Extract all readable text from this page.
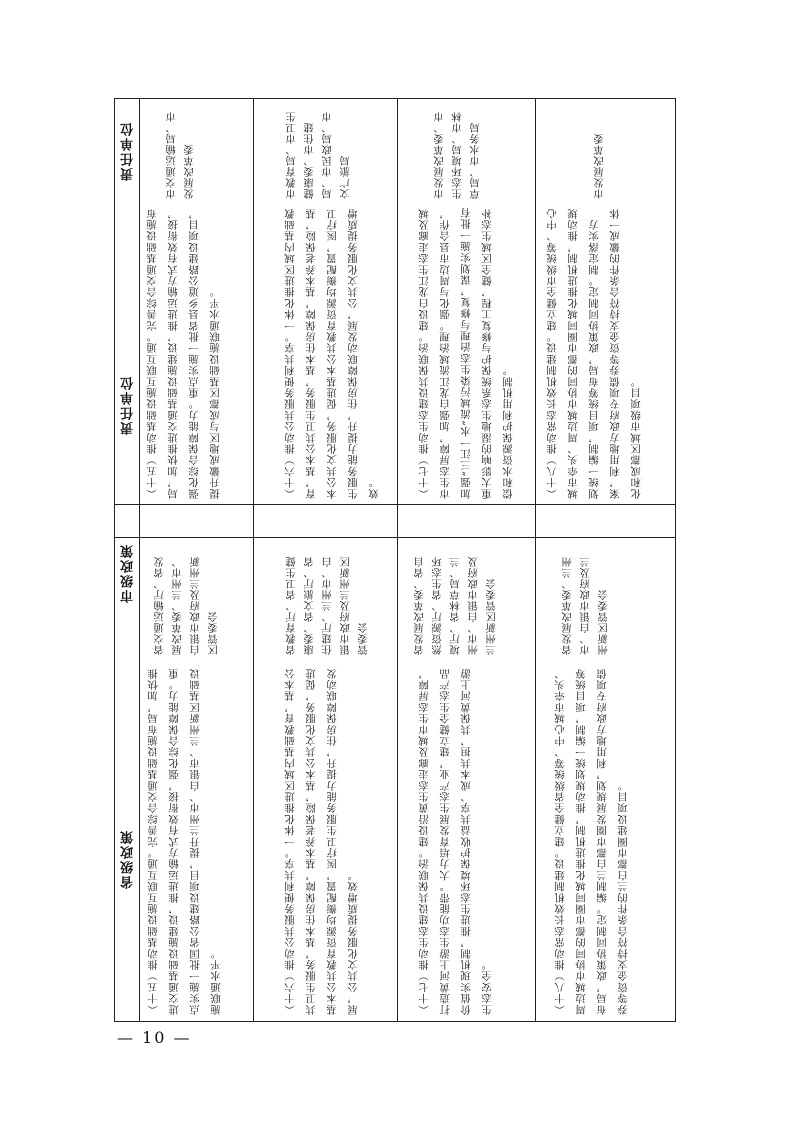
省级政策
责任单位
市级政策
责任单位
（十五）推动基础设施互联互通。完善综合交通基础设施布局，加快推进交通基础设施建设，推进运输方式有效衔接，强化综合保障能力。重点实施一批国省公路建设项目，提升兰州市、白银市、兰州新区基础设施联通水平。
省交通运输厅、省发展改革委、兰州市、白银市政府及兰州新区管委会
（十六）推动公共服务便利共享。一体化推进区域内基础教育，基本公共卫生服务，基本住房保障，基本养老保险，基本公共文化服务，促进基本公共教育资源均衡配置，医疗卫生服务能力提升，住房保障联动发展，公共文化服务提质增效。
省教育厅、省卫生健康委、省文旅厅、省住建厅、兰州市、白银市政府及兰州新区管委会
（十七）推动生态建设共保联治。建设沿黄生态走廊及城市生态屏障，打造黄河上游生态功能带。大力培育发展生态产业，建立健全生态产品价值实现机制，推进生态环境保护收益共享、成本共担，共保黄河上游生态安全。
省发展改革委、省自然资源厅、省生态环境厅、省林草局、兰州市、白银市政府及兰州新区管委会
（十八）推动常态长效机制建设。建立健全省级统筹、中心城市牵头、周边城市协同的都市圈同城化推进机制，推动规划统一编制，项目统筹布局，政策协同制定。编制兰白都市圈发展规划，利用地方政府专项债券等资金支持符合条件的兰白都市圈建设项目。
省发展改革委、兰州市、白银市政府及兰州新区管委会
（十五）推动基础设施互联互通。完善综合交通基础设施布局，加快推进交通基础设施建设，推进运输方式有效衔接，强化综合保障能力。重点实施一批省县乡道公路建设项目，提升徽成地区与成都区基础设施联通水平。
市交通运输局、市发展改革委
（十六）推动公共服务便利共享。一体化推进区域内基础教育，基本公共卫生服务，基本住房保障，基本养老保险，基本公共文化服务，促进基本公共教育资源均衡配置，医疗卫生服务能力提升，住房保障联动发展，公共文化服务提质增效。
市教育局、市卫生健康委、市住建局、市民政局、市文广旅局
（十七）推动生态建设共保联治。建设白龙江生态走廊及城市生态屏障，加强白龙江流域治理。强化与周边市县合作，加强“三江一水”流域污染生态治理与修复，谋划实施一批有重大影响的湿地生态系统保护与修复工程，健全区域生态补偿和水资源保护利用机制。
市发展改革委、市生态环境局、市林草局、市水务局
（十八）推动常态长效机制建设。建立健全市级统筹、中心城市牵头、周边城市协同的都市圈同城化推进机制，推动规划统一编制，项目统筹布局，政策协同制定。制定落实方案，利用地方政府专项债券等资金支持符合条件的徽成一体化和成都区域市级项目。
市发展改革委
— 10 —
